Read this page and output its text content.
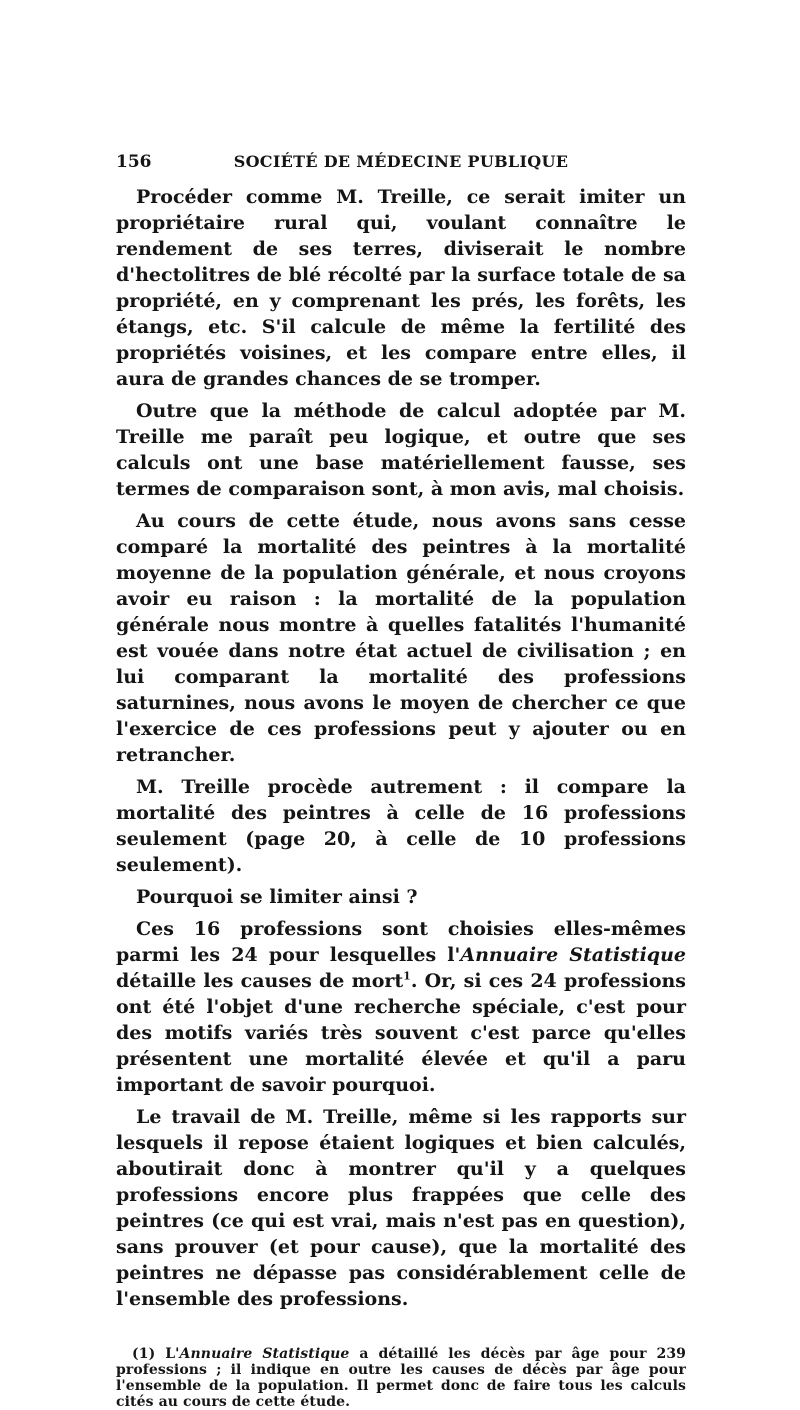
156	SOCIÉTÉ DE MÉDECINE PUBLIQUE

Procéder comme M. Treille, ce serait imiter un propriétaire rural qui, voulant connaître le rendement de ses terres, diviserait le nombre d'hectolitres de blé récolté par la surface totale de sa propriété, en y comprenant les prés, les forêts, les étangs, etc. S'il calcule de même la fertilité des propriétés voisines, et les compare entre elles, il aura de grandes chances de se tromper.

Outre que la méthode de calcul adoptée par M. Treille me paraît peu logique, et outre que ses calculs ont une base matériellement fausse, ses termes de comparaison sont, à mon avis, mal choisis.

Au cours de cette étude, nous avons sans cesse comparé la mortalité des peintres à la mortalité moyenne de la population générale, et nous croyons avoir eu raison : la mortalité de la population générale nous montre à quelles fatalités l'humanité est vouée dans notre état actuel de civilisation ; en lui comparant la mortalité des professions saturnines, nous avons le moyen de chercher ce que l'exercice de ces professions peut y ajouter ou en retrancher.

M. Treille procède autrement : il compare la mortalité des peintres à celle de 16 professions seulement (page 20, à celle de 10 professions seulement).

Pourquoi se limiter ainsi ?

Ces 16 professions sont choisies elles-mêmes parmi les 24 pour lesquelles l'Annuaire Statistique détaille les causes de mort$^1$. Or, si ces 24 professions ont été l'objet d'une recherche spéciale, c'est pour des motifs variés très souvent c'est parce qu'elles présentent une mortalité élevée et qu'il a paru important de savoir pourquoi.

Le travail de M. Treille, même si les rapports sur lesquels il repose étaient logiques et bien calculés, aboutirait donc à montrer qu'il y a quelques professions encore plus frappées que celle des peintres (ce qui est vrai, mais n'est pas en question), sans prouver (et pour cause), que la mortalité des peintres ne dépasse pas considérablement celle de l'ensemble des professions.

(1) L'Annuaire Statistique a détaillé les décès par âge pour 239 professions ; il indique en outre les causes de décès par âge pour l'ensemble de la population. Il permet donc de faire tous les calculs cités au cours de cette étude.
